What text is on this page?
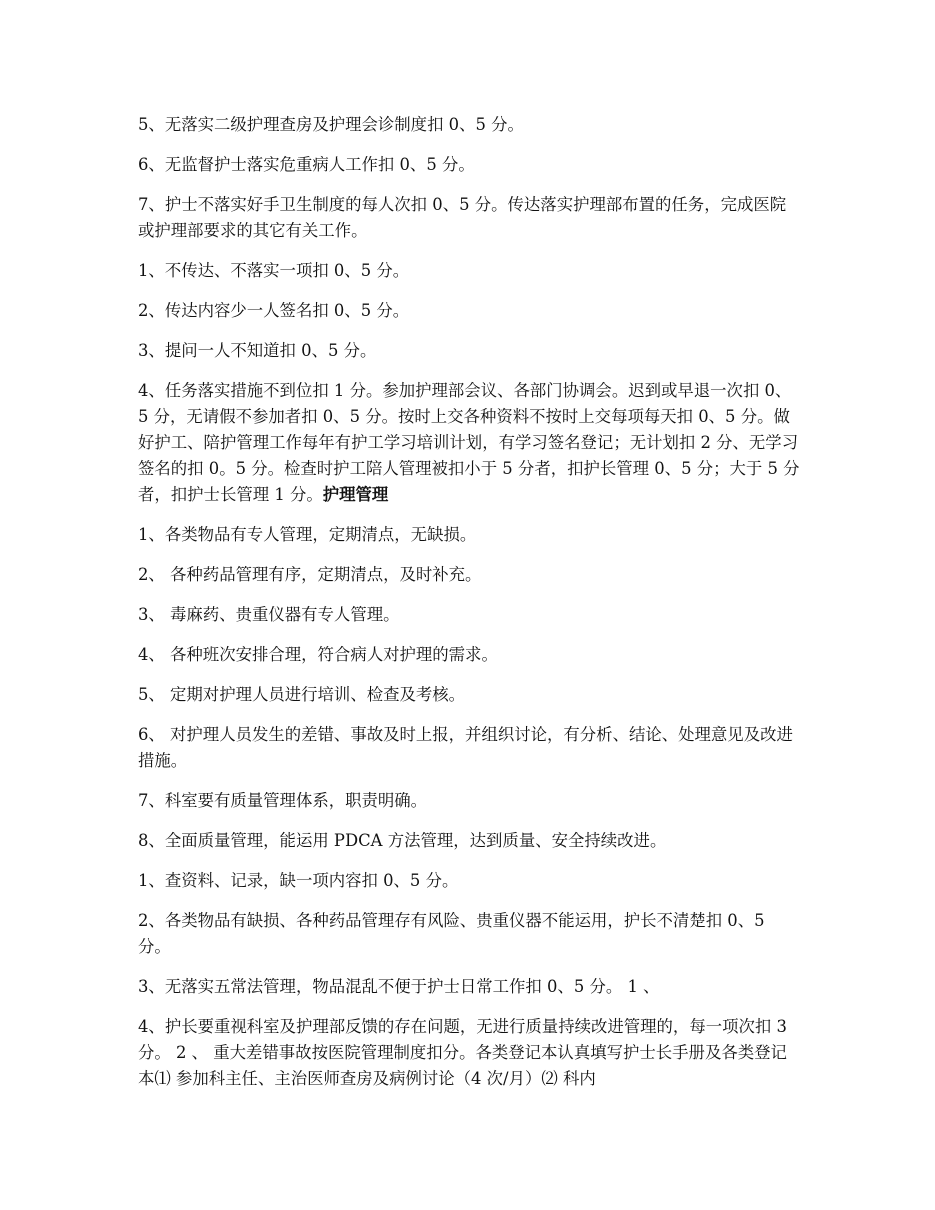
5、无落实二级护理查房及护理会诊制度扣 0、5 分。

6、无监督护士落实危重病人工作扣 0、5 分。

7、护士不落实好手卫生制度的每人次扣 0、5 分。传达落实护理部布置的任务，完成医院或护理部要求的其它有关工作。

1、不传达、不落实一项扣 0、5 分。

2、传达内容少一人签名扣 0、5 分。

3、提问一人不知道扣 0、5 分。

4、任务落实措施不到位扣 1 分。参加护理部会议、各部门协调会。迟到或早退一次扣 0、5 分，无请假不参加者扣 0、5 分。按时上交各种资料不按时上交每项每天扣 0、5 分。做好护工、陪护管理工作每年有护工学习培训计划，有学习签名登记；无计划扣 2 分、无学习签名的扣 0。5 分。检查时护工陪人管理被扣小于 5 分者，扣护长管理 0、5 分；大于 5 分者，扣护士长管理 1 分。护理管理

1、各类物品有专人管理，定期清点，无缺损。

2、 各种药品管理有序，定期清点，及时补充。

3、 毒麻药、贵重仪器有专人管理。

4、 各种班次安排合理，符合病人对护理的需求。

5、 定期对护理人员进行培训、检查及考核。

6、 对护理人员发生的差错、事故及时上报，并组织讨论，有分析、结论、处理意见及改进措施。

7、科室要有质量管理体系，职责明确。

8、全面质量管理，能运用 PDCA 方法管理，达到质量、安全持续改进。

1、查资料、记录，缺一项内容扣 0、5 分。

2、各类物品有缺损、各种药品管理存有风险、贵重仪器不能运用，护长不清楚扣 0、5 分。

3、无落实五常法管理，物品混乱不便于护士日常工作扣 0、5 分。 1 、

4、护长要重视科室及护理部反馈的存在问题，无进行质量持续改进管理的，每一项次扣 3 分。 2 、 重大差错事故按医院管理制度扣分。各类登记本认真填写护士长手册及各类登记本⑴ 参加科主任、主治医师查房及病例讨论（4 次/月）⑵ 科内
